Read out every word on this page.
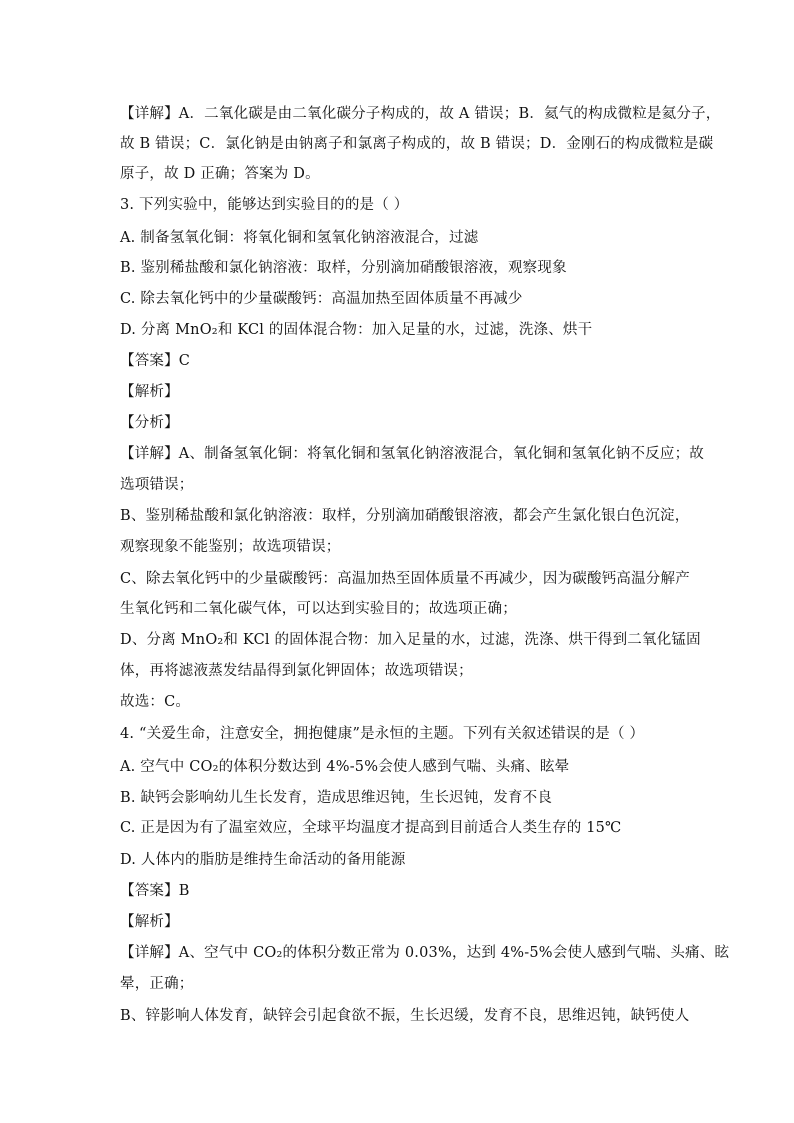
【详解】A．二氧化碳是由二氧化碳分子构成的，故 A 错误；B．氦气的构成微粒是氦分子，
故 B 错误；C．氯化钠是由钠离子和氯离子构成的，故 B 错误；D．金刚石的构成微粒是碳
原子，故 D 正确；答案为 D。
3. 下列实验中，能够达到实验目的的是（ ）
A. 制备氢氧化铜：将氧化铜和氢氧化钠溶液混合，过滤
B. 鉴别稀盐酸和氯化钠溶液：取样，分别滴加硝酸银溶液，观察现象
C. 除去氧化钙中的少量碳酸钙：高温加热至固体质量不再减少
D. 分离 MnO₂和 KCl 的固体混合物：加入足量的水，过滤，洗涤、烘干
【答案】C
【解析】
【分析】
【详解】A、制备氢氧化铜：将氧化铜和氢氧化钠溶液混合，氧化铜和氢氧化钠不反应；故
选项错误；
B、鉴别稀盐酸和氯化钠溶液：取样，分别滴加硝酸银溶液，都会产生氯化银白色沉淀，
观察现象不能鉴别；故选项错误；
C、除去氧化钙中的少量碳酸钙：高温加热至固体质量不再减少，因为碳酸钙高温分解产
生氧化钙和二氧化碳气体，可以达到实验目的；故选项正确；
D、分离 MnO₂和 KCl 的固体混合物：加入足量的水，过滤，洗涤、烘干得到二氧化锰固
体，再将滤液蒸发结晶得到氯化钾固体；故选项错误；
故选：C。
4. “关爱生命，注意安全，拥抱健康”是永恒的主题。下列有关叙述错误的是（ ）
A. 空气中 CO₂的体积分数达到 4%-5%会使人感到气喘、头痛、眩晕
B. 缺钙会影响幼儿生长发育，造成思维迟钝，生长迟钝，发育不良
C. 正是因为有了温室效应，全球平均温度才提高到目前适合人类生存的 15℃
D. 人体内的脂肪是维持生命活动的备用能源
【答案】B
【解析】
【详解】A、空气中 CO₂的体积分数正常为 0.03%，达到 4%-5%会使人感到气喘、头痛、眩
晕，正确；
B、锌影响人体发育，缺锌会引起食欲不振，生长迟缓，发育不良，思维迟钝，缺钙使人
